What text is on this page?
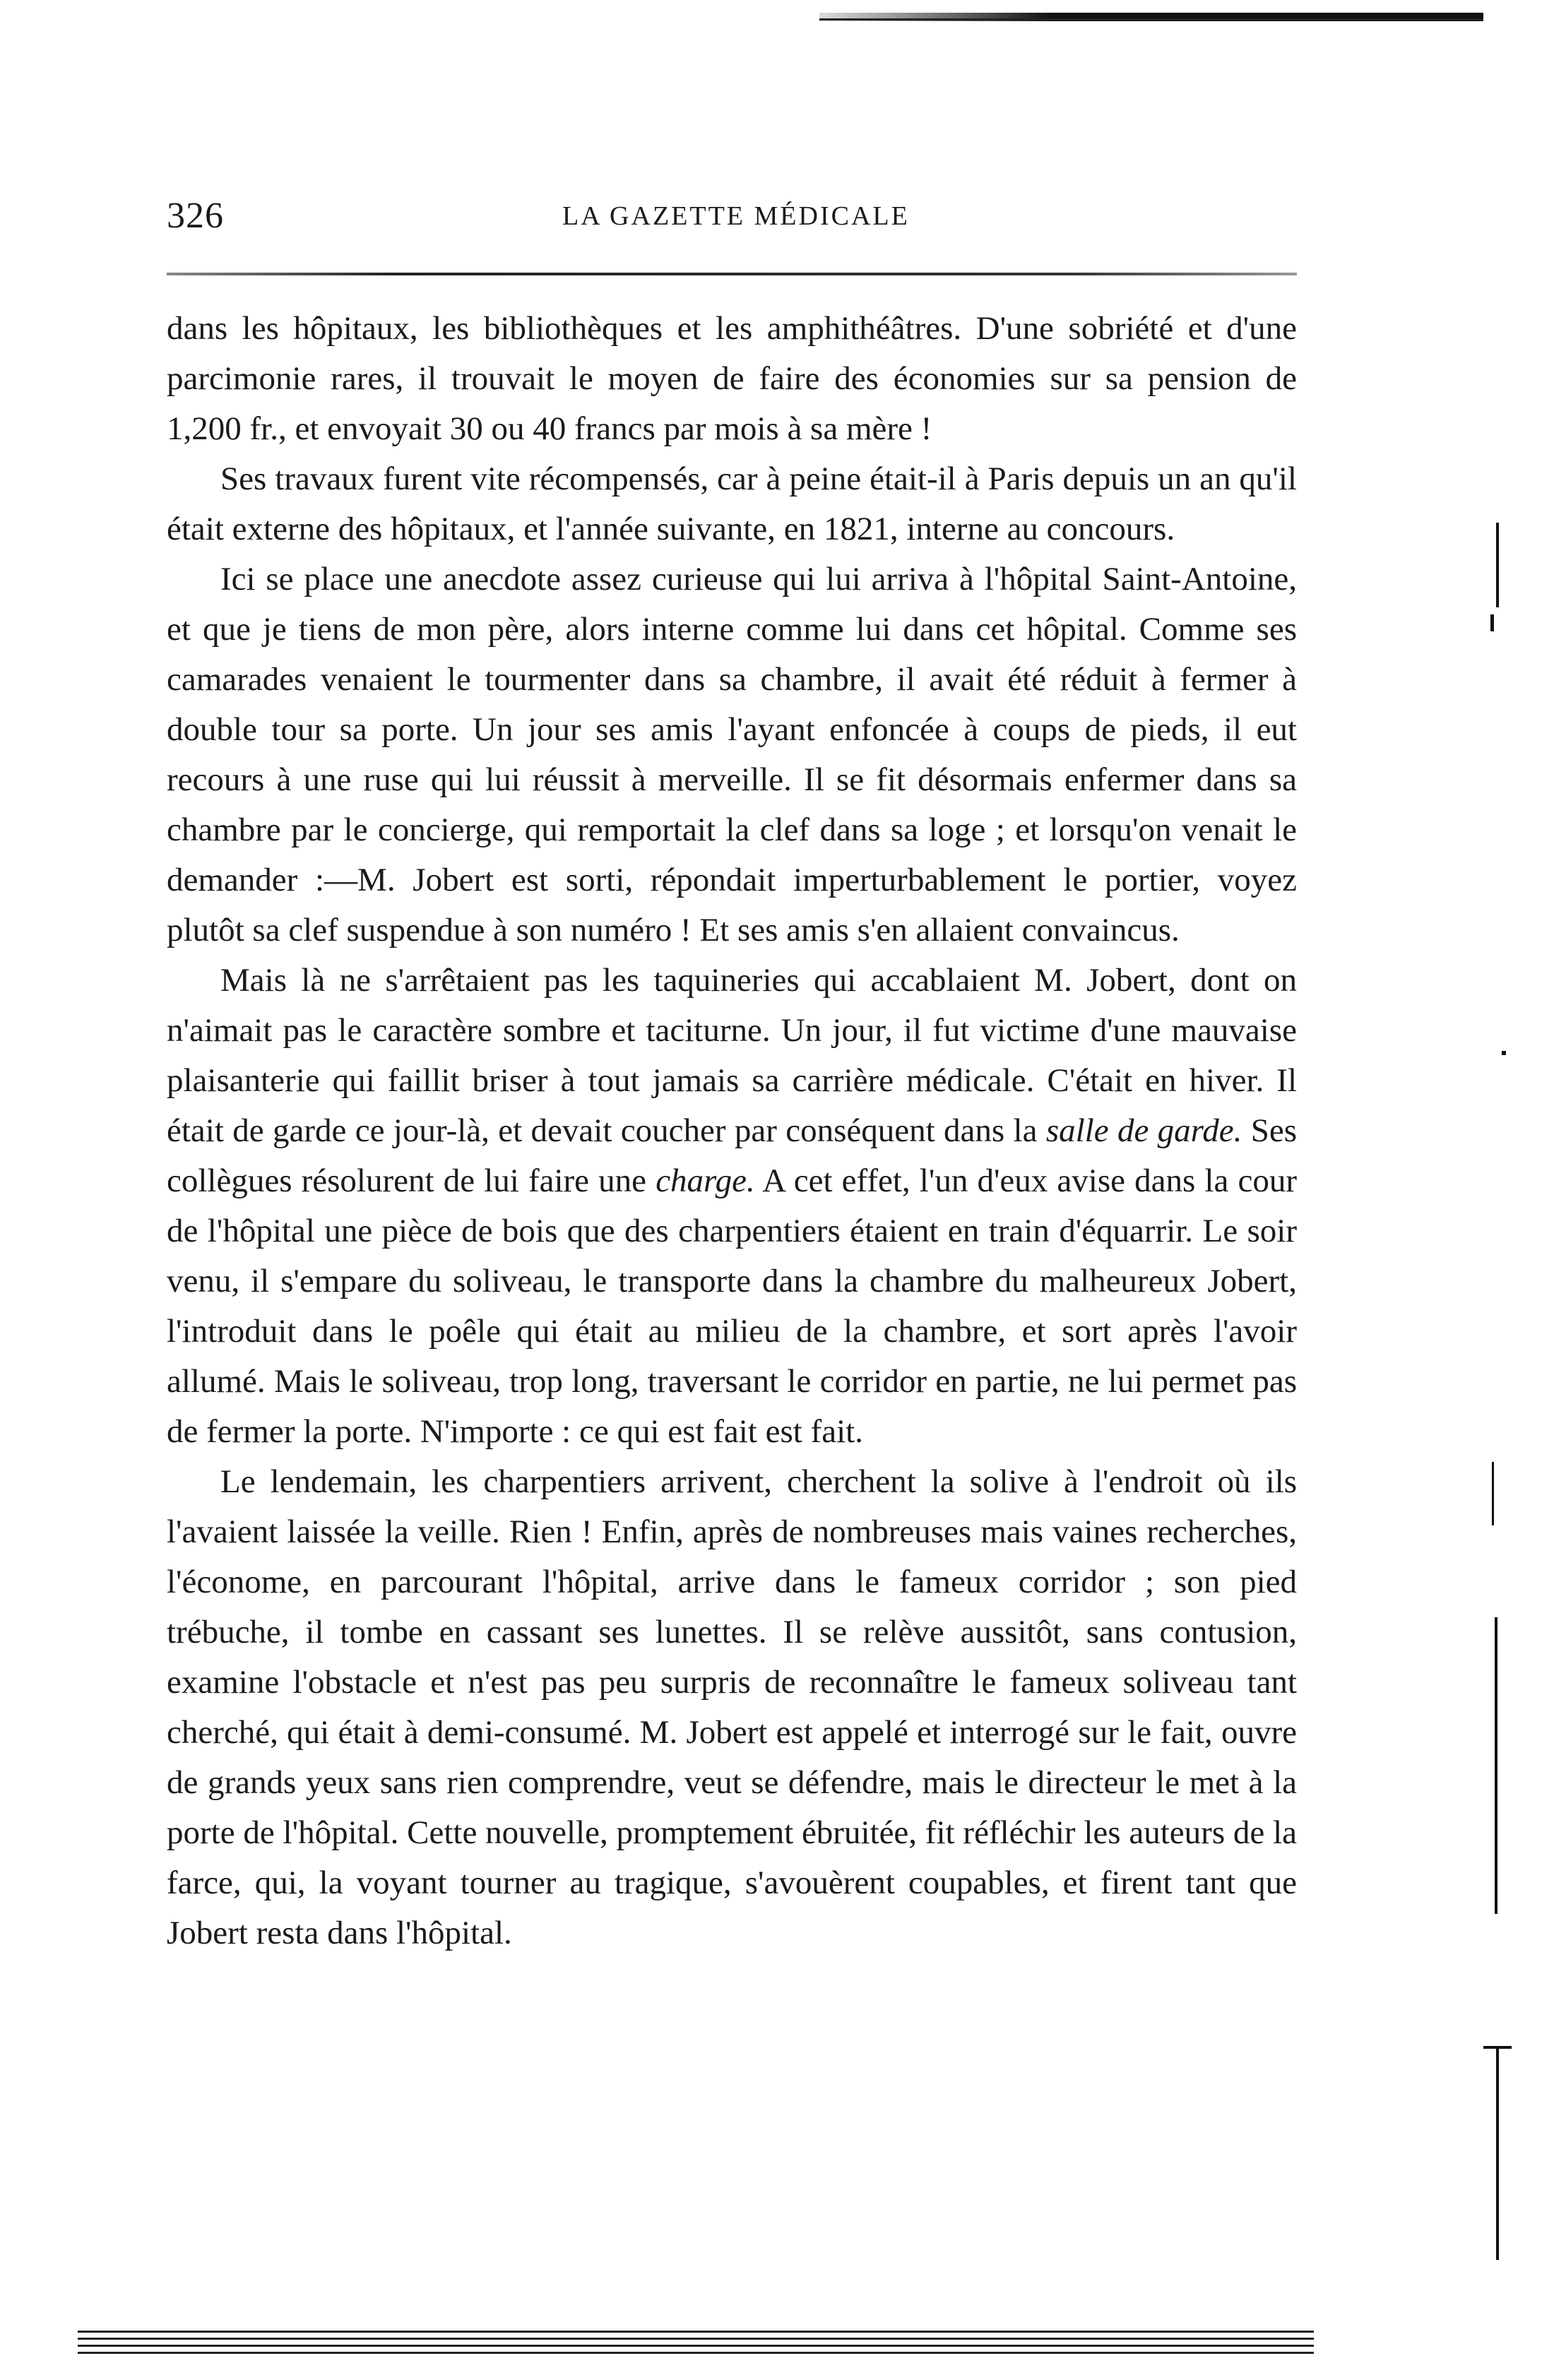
326	LA GAZETTE MÉDICALE

dans les hôpitaux, les bibliothèques et les amphithéâtres. D'une sobriété et d'une parcimonie rares, il trouvait le moyen de faire des économies sur sa pension de 1,200 fr., et envoyait 30 ou 40 francs par mois à sa mère !

Ses travaux furent vite récompensés, car à peine était-il à Paris depuis un an qu'il était externe des hôpitaux, et l'année suivante, en 1821, interne au concours.

Ici se place une anecdote assez curieuse qui lui arriva à l'hôpital Saint-Antoine, et que je tiens de mon père, alors interne comme lui dans cet hôpital. Comme ses camarades venaient le tourmenter dans sa chambre, il avait été réduit à fermer à double tour sa porte. Un jour ses amis l'ayant enfoncée à coups de pieds, il eut recours à une ruse qui lui réussit à merveille. Il se fit désormais enfermer dans sa chambre par le concierge, qui remportait la clef dans sa loge ; et lorsqu'on venait le demander :—M. Jobert est sorti, répondait imperturbablement le portier, voyez plutôt sa clef suspendue à son numéro ! Et ses amis s'en allaient convaincus.

Mais là ne s'arrêtaient pas les taquineries qui accablaient M. Jobert, dont on n'aimait pas le caractère sombre et taciturne. Un jour, il fut victime d'une mauvaise plaisanterie qui faillit briser à tout jamais sa carrière médicale. C'était en hiver. Il était de garde ce jour-là, et devait coucher par conséquent dans la salle de garde. Ses collègues résolurent de lui faire une charge. A cet effet, l'un d'eux avise dans la cour de l'hôpital une pièce de bois que des charpentiers étaient en train d'équarrir. Le soir venu, il s'empare du soliveau, le transporte dans la chambre du malheureux Jobert, l'introduit dans le poêle qui était au milieu de la chambre, et sort après l'avoir allumé. Mais le soliveau, trop long, traversant le corridor en partie, ne lui permet pas de fermer la porte. N'importe : ce qui est fait est fait.

Le lendemain, les charpentiers arrivent, cherchent la solive à l'endroit où ils l'avaient laissée la veille. Rien ! Enfin, après de nombreuses mais vaines recherches, l'économe, en parcourant l'hôpital, arrive dans le fameux corridor ; son pied trébuche, il tombe en cassant ses lunettes. Il se relève aussitôt, sans contusion, examine l'obstacle et n'est pas peu surpris de reconnaître le fameux soliveau tant cherché, qui était à demi-consumé. M. Jobert est appelé et interrogé sur le fait, ouvre de grands yeux sans rien comprendre, veut se défendre, mais le directeur le met à la porte de l'hôpital. Cette nouvelle, promptement ébruitée, fit réfléchir les auteurs de la farce, qui, la voyant tourner au tragique, s'avouèrent coupables, et firent tant que Jobert resta dans l'hôpital.
